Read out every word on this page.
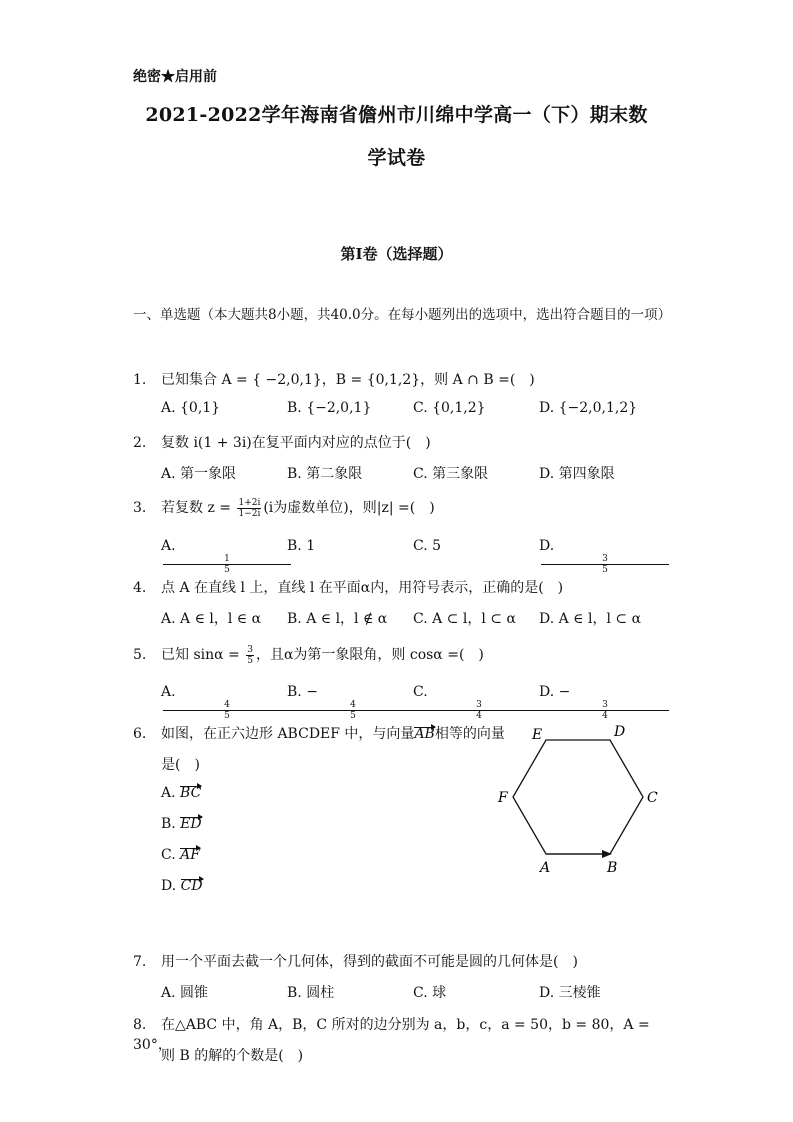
绝密★启用前
2021-2022学年海南省儋州市川绵中学高一（下）期末数
学试卷
第I卷（选择题）
一、单选题（本大题共8小题，共40.0分。在每小题列出的选项中，选出符合题目的一项）
1. 已知集合 A = { −2,0,1}，B = {0,1,2}，则 A ∩ B =(　)
A. {0,1}	B. {−2,0,1}	C. {0,1,2}	D. {−2,0,1,2}
2. 复数 i(1 + 3i)在复平面内对应的点位于(　)
A. 第一象限	B. 第二象限	C. 第三象限	D. 第四象限
3. 若复数 $z = \frac{1+2i}{1-2i} (i$为虚数单位)，则|z| =(　)
A.
$\frac{1}{5}$
B. 1	C. 5	D.
$\frac{3}{5}$
4. 点 A 在直线 l 上，直线 l 在平面α内，用符号表示，正确的是(　)
A. A ∈ l，l ∈ α	B. A ∈ l，l ∉ α	C. A ⊂ l，l ⊂ α	D. A ∈ l，l ⊂ α
5. 已知 $\sin\alpha = \frac{3}{5}$ ，且α为第一象限角，则 cosα =(　)
A.
$\frac{4}{5}$
B. −
$\frac{4}{5}$
C.
$\frac{3}{4}$
D. −
$\frac{3}{4}$
6. 如图，在正六边形 ABCDEF 中，与向量AB相等的向量
是(　)
A. BC
B. ED
C. AF
D. CD
A	B
C
D
E
F
7. 用一个平面去截一个几何体，得到的截面不可能是圆的几何体是(　)
A. 圆锥	B. 圆柱	C. 球	D. 三棱锥
8. 在△ABC 中，角 A，B，C 所对的边分别为 a，b，c，a = 50，b = 80，A = 30°，
则 B 的解的个数是(　)
